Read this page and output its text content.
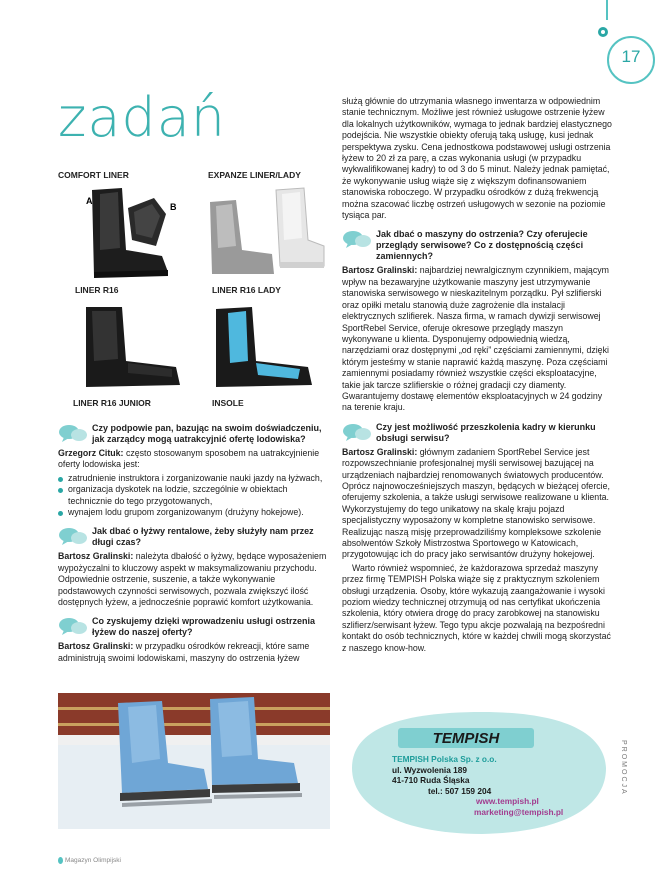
17
zadań
COMFORT LINER	EXPANZE LINER/LADY
A
B
LINER R16	LINER R16 LADY
LINER R16 JUNIOR	INSOLE
Czy podpowie pan, bazując na swoim doświadczeniu, jak zarządcy mogą uatrakcyjnić ofertę lodowiska?

Grzegorz Cituk: często stosowanym sposobem na uatrakcyjnienie oferty lodowiska jest:

zatrudnienie instruktora i zorganizowanie nauki jazdy na łyżwach,
organizacja dyskotek na lodzie, szczególnie w obiektach technicznie do tego przygotowanych,
wynajem lodu grupom zorganizowanym (drużyny hokejowe).
Jak dbać o łyżwy rentalowe, żeby służyły nam przez długi czas?

Bartosz Gralinski: należyta dbałość o łyżwy, będące wyposażeniem wypożyczalni to kluczowy aspekt w maksymalizowaniu przychodu. Odpowiednie ostrzenie, suszenie, a także wykonywanie podstawowych czynności serwisowych, pozwala zwiększyć ilość dostępnych łyżew, a jednocześnie poprawić komfort użytkowania.

Co zyskujemy dzięki wprowadzeniu usługi ostrzenia łyżew do naszej oferty?

Bartosz Gralinski: w przypadku ośrodków rekreacji, które same administrują swoimi lodowiskami, maszyny do ostrzenia łyżew

służą głównie do utrzymania własnego inwentarza w odpowiednim stanie technicznym. Możliwe jest również usługowe ostrzenie łyżew dla lokalnych użytkowników, wymaga to jednak bardziej elastycznego podejścia. Nie wszystkie obiekty oferują taką usługę, kusi jednak perspektywa zysku. Cena jednostkowa podstawowej usługi ostrzenia łyżew to 20 zł za parę, a czas wykonania usługi (w przypadku wykwalifikowanej kadry) to od 3 do 5 minut. Należy jednak pamiętać, że wykonywanie usług wiąże się z większym dofinansowaniem stanowiska roboczego. W przypadku ośrodków z dużą frekwencją można szacować liczbę ostrzeń usługowych w sezonie na poziomie tysiąca par.

Jak dbać o maszyny do ostrzenia? Czy oferujecie przeglądy serwisowe? Co z dostępnością części zamiennych?

Bartosz Gralinski: najbardziej newralgicznym czynnikiem, mającym wpływ na bezawaryjne użytkowanie maszyny jest utrzymywanie stanowiska serwisowego w nieskazitelnym porządku. Pył szlifierski oraz opiłki metalu stanowią duże zagrożenie dla instalacji elektrycznych szlifierek. Nasza firma, w ramach dywizji serwisowej SportRebel Service, oferuje okresowe przeglądy maszyn wykonywane u klienta. Dysponujemy odpowiednią wiedzą, narzędziami oraz dostępnymi „od ręki” częściami zamiennymi, dzięki którym jesteśmy w stanie naprawić każdą maszynę. Poza częściami zamiennymi posiadamy również wszystkie części eksploatacyjne, takie jak tarcze szlifierskie o różnej gradacji czy diamenty. Gwarantujemy dostawę elementów eksploatacyjnych w 24 godziny na terenie kraju.

Czy jest możliwość przeszkolenia kadry w kierunku obsługi serwisu?

Bartosz Gralinski: głównym zadaniem SportRebel Service jest rozpowszechnianie profesjonalnej myśli serwisowej bazującej na urządzeniach najbardziej renomowanych światowych producentów. Oprócz najnowocześniejszych maszyn, będących w bieżącej ofercie, oferujemy szkolenia, a także usługi serwisowe realizowane u klienta. Wykorzystujemy do tego unikatowy na skalę kraju pojazd specjalistyczny wyposażony w kompletne stanowisko serwisowe. Realizując naszą misję przeprowadziliśmy kompleksowe szkolenie absolwentów Szkoły Mistrzostwa Sportowego w Katowicach, przygotowując ich do pracy jako serwisantów drużyny hokejowej.

Warto również wspomnieć, że każdorazowa sprzedaż maszyny przez firmę TEMPISH Polska wiąże się z praktycznym szkoleniem obsługi urządzenia. Osoby, które wykazują zaangażowanie i wysoki poziom wiedzy technicznej otrzymują od nas certyfikat ukończenia szkolenia, który otwiera drogę do pracy zarobkowej na stanowisku szlifierz/serwisant łyżew. Tego typu akcje pozwalają na bezpośredni kontakt do osób technicznych, które w każdej chwili mogą skorzystać z naszego know-how.

TEMPISH
TEMPISH Polska Sp. z o.o.
ul. Wyzwolenia 189
41-710 Ruda Śląska
tel.: 507 159 204
www.tempish.pl
marketing@tempish.pl
PROMOCJA
Magazyn Olimpijski
